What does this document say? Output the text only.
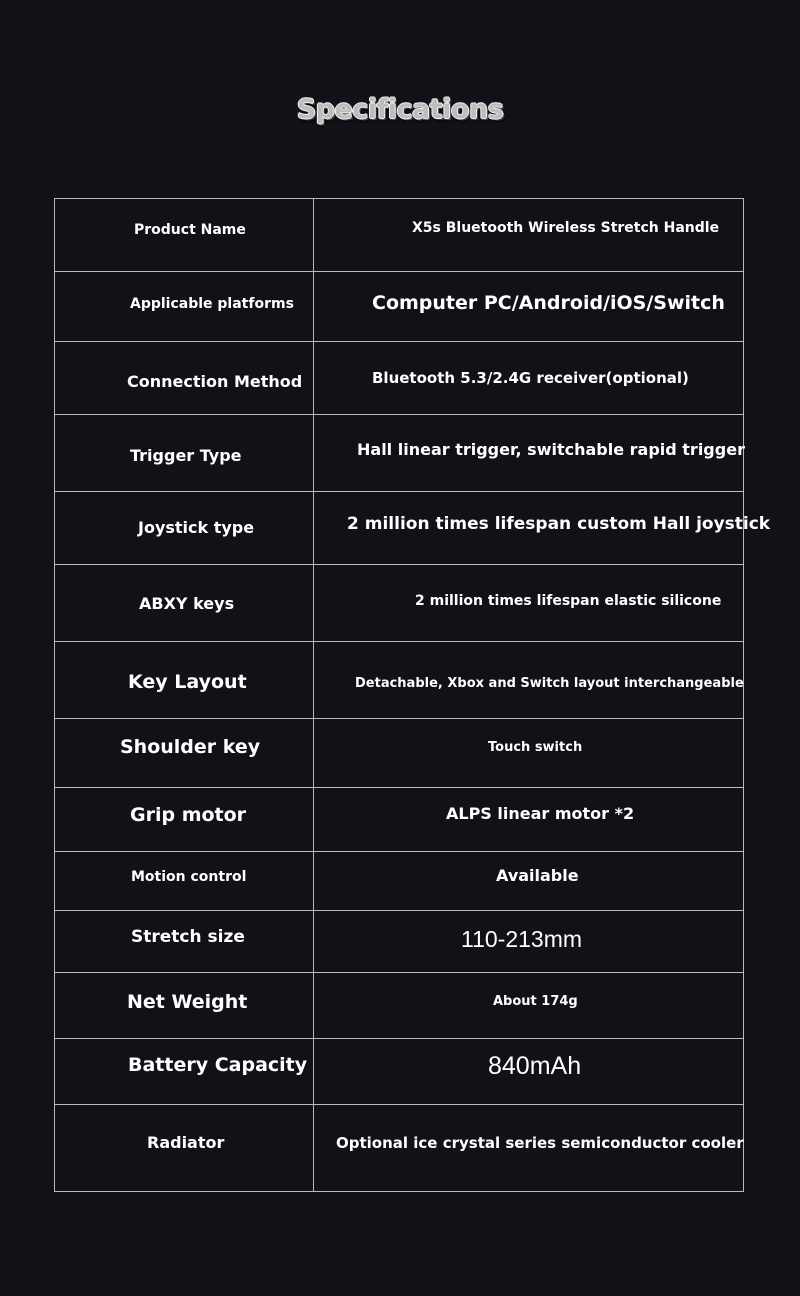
Specifications
Product Name	X5s Bluetooth Wireless Stretch Handle

Applicable platforms	Computer PC/Android/iOS/Switch

Connection Method	Bluetooth 5.3/2.4G receiver(optional)

Trigger Type	Hall linear trigger, switchable rapid trigger

Joystick type	2 million times lifespan custom Hall joystick

ABXY keys	2 million times lifespan elastic silicone

Key Layout	Detachable, Xbox and Switch layout interchangeable

Shoulder key	Touch switch

Grip motor	ALPS linear motor *2

Motion control	Available

Stretch size	110-213mm

Net Weight	About 174g

Battery Capacity	840mAh

Radiator	Optional ice crystal series semiconductor cooler
